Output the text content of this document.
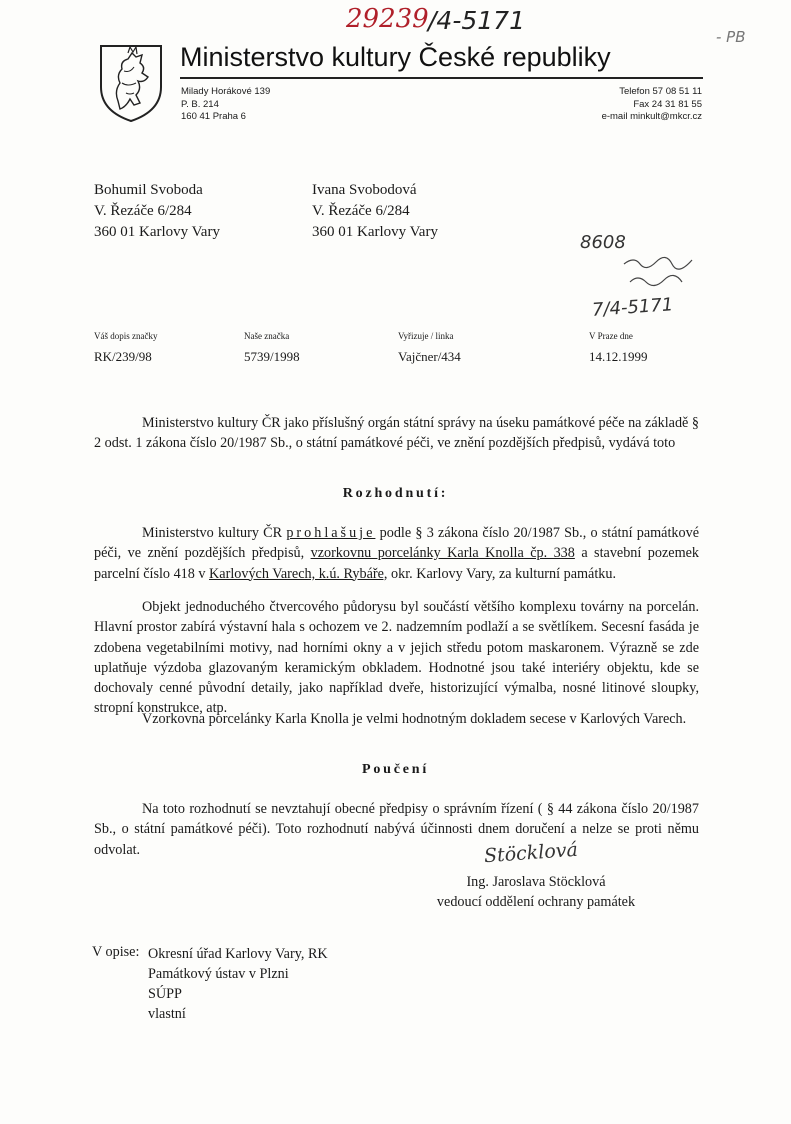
29239 /4-5171
- PB
Ministerstvo kultury České republiky
Milady Horákové 139
P. B. 214
160 41 Praha 6
Telefon 57 08 51 11
Fax 24 31 81 55
e-mail minkult@mkcr.cz
Bohumil Svoboda
V. Řezáče 6/284
360 01 Karlovy Vary
Ivana Svobodová
V. Řezáče 6/284
360 01 Karlovy Vary	8608
7/4-5171
Váš dopis značky	Naše značka	Vyřizuje / linka	V Praze dne
RK/239/98	5739/1998	Vajčner/434	14.12.1999

Ministerstvo kultury ČR jako příslušný orgán státní správy na úseku památkové péče na základě § 2 odst. 1 zákona číslo 20/1987 Sb., o státní památkové péči, ve znění pozdějších předpisů, vydává toto

Rozhodnutí:

Ministerstvo kultury ČR prohlašuje podle § 3 zákona číslo 20/1987 Sb., o státní památkové péči, ve znění pozdějších předpisů, vzorkovnu porcelánky Karla Knolla čp. 338 a stavební pozemek parcelní číslo 418 v Karlových Varech, k.ú. Rybáře, okr. Karlovy Vary, za kulturní památku.

Objekt jednoduchého čtvercového půdorysu byl součástí většího komplexu továrny na porcelán. Hlavní prostor zabírá výstavní hala s ochozem ve 2. nadzemním podlaží a se světlíkem. Secesní fasáda je zdobena vegetabilními motivy, nad horními okny a v jejich středu potom maskaronem. Výrazně se zde uplatňuje výzdoba glazovaným keramickým obkladem. Hodnotné jsou také interiéry objektu, kde se dochovaly cenné původní detaily, jako například dveře, historizující výmalba, nosné litinové sloupky, stropní konstrukce, atp.

Vzorkovna porcelánky Karla Knolla je velmi hodnotným dokladem secese v Karlových Varech.

Poučení

Na toto rozhodnutí se nevztahují obecné předpisy o správním řízení ( § 44 zákona číslo 20/1987 Sb., o státní památkové péči). Toto rozhodnutí nabývá účinnosti dnem doručení a nelze se proti němu odvolat.	Stöcklová
Ing. Jaroslava Stöcklová
vedoucí oddělení ochrany památek
V opise: Okresní úřad Karlovy Vary, RK
Památkový ústav v Plzni
SÚPP
vlastní
